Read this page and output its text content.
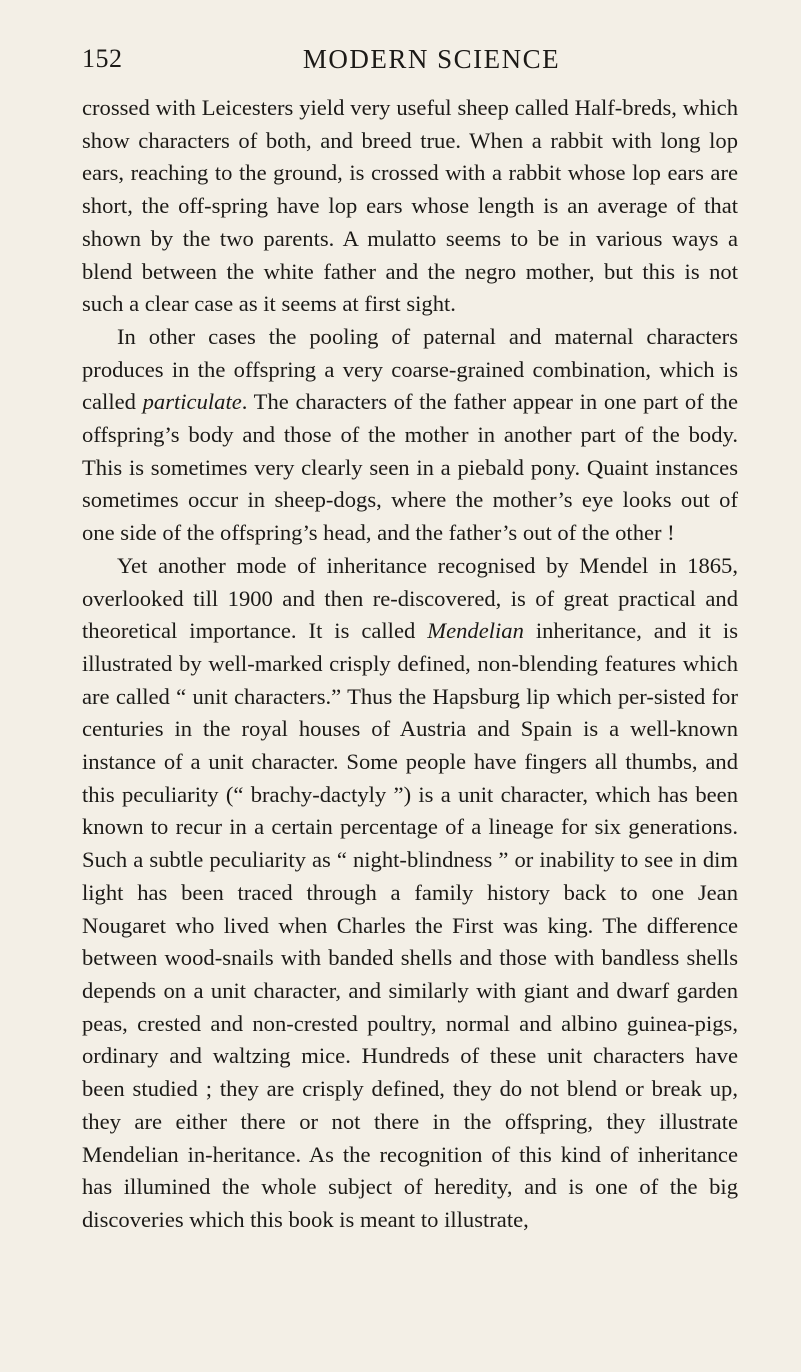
152	MODERN SCIENCE

crossed with Leicesters yield very useful sheep called Half-breds, which show characters of both, and breed true. When a rabbit with long lop ears, reaching to the ground, is crossed with a rabbit whose lop ears are short, the off-spring have lop ears whose length is an average of that shown by the two parents. A mulatto seems to be in various ways a blend between the white father and the negro mother, but this is not such a clear case as it seems at first sight.

In other cases the pooling of paternal and maternal characters produces in the offspring a very coarse-grained combination, which is called particulate. The characters of the father appear in one part of the offspring’s body and those of the mother in another part of the body. This is sometimes very clearly seen in a piebald pony. Quaint instances sometimes occur in sheep-dogs, where the mother’s eye looks out of one side of the offspring’s head, and the father’s out of the other !

Yet another mode of inheritance recognised by Mendel in 1865, overlooked till 1900 and then re-discovered, is of great practical and theoretical importance. It is called Mendelian inheritance, and it is illustrated by well-marked crisply defined, non-blending features which are called “ unit characters.” Thus the Hapsburg lip which per-sisted for centuries in the royal houses of Austria and Spain is a well-known instance of a unit character. Some people have fingers all thumbs, and this peculiarity (“ brachy-dactyly ”) is a unit character, which has been known to recur in a certain percentage of a lineage for six generations. Such a subtle peculiarity as “ night-blindness ” or inability to see in dim light has been traced through a family history back to one Jean Nougaret who lived when Charles the First was king. The difference between wood-snails with banded shells and those with bandless shells depends on a unit character, and similarly with giant and dwarf garden peas, crested and non-crested poultry, normal and albino guinea-pigs, ordinary and waltzing mice. Hundreds of these unit characters have been studied ; they are crisply defined, they do not blend or break up, they are either there or not there in the offspring, they illustrate Mendelian in-heritance. As the recognition of this kind of inheritance has illumined the whole subject of heredity, and is one of the big discoveries which this book is meant to illustrate,
